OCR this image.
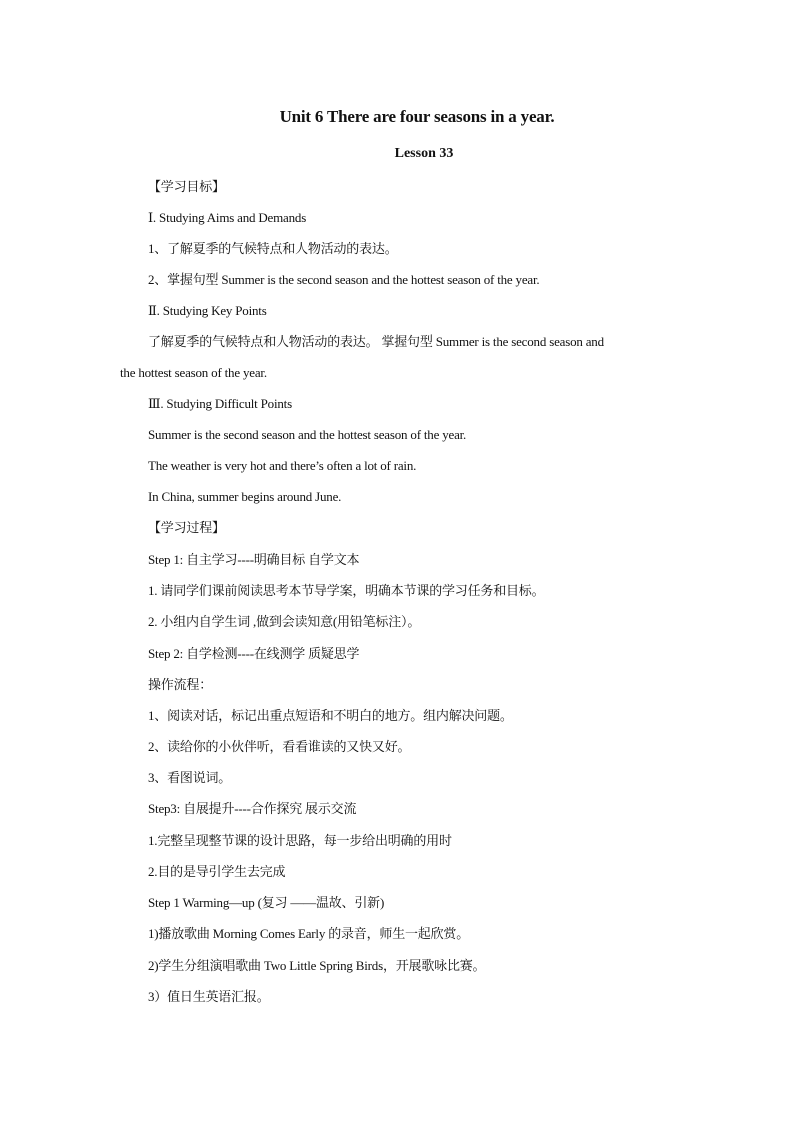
Unit 6 There are four seasons in a year.
Lesson 33
【学习目标】
Ⅰ. Studying Aims and Demands
1、了解夏季的气候特点和人物活动的表达。
2、掌握句型 Summer is the second season and the hottest season of the year.
Ⅱ. Studying Key Points
了解夏季的气候特点和人物活动的表达。 掌握句型 Summer is the second season and
the hottest season of the year.
Ⅲ. Studying Difficult Points
Summer is the second season and the hottest season of the year.
The weather is very hot and there’s often a lot of rain.
In China, summer begins around June.
【学习过程】
Step 1: 自主学习----明确目标 自学文本
1. 请同学们课前阅读思考本节导学案，明确本节课的学习任务和目标。
2. 小组内自学生词 ,做到会读知意(用铅笔标注）。
Step 2: 自学检测----在线测学 质疑思学
操作流程：
1、阅读对话，标记出重点短语和不明白的地方。组内解决问题。
2、读给你的小伙伴听，看看谁读的又快又好。
3、看图说词。
Step3: 自展提升----合作探究 展示交流
1.完整呈现整节课的设计思路，每一步给出明确的用时
2.目的是导引学生去完成
Step 1 Warming—up (复习 ——温故、引新)
1)播放歌曲 Morning Comes Early 的录音，师生一起欣赏。
2)学生分组演唱歌曲 Two Little Spring Birds，开展歌咏比赛。
3）值日生英语汇报。
